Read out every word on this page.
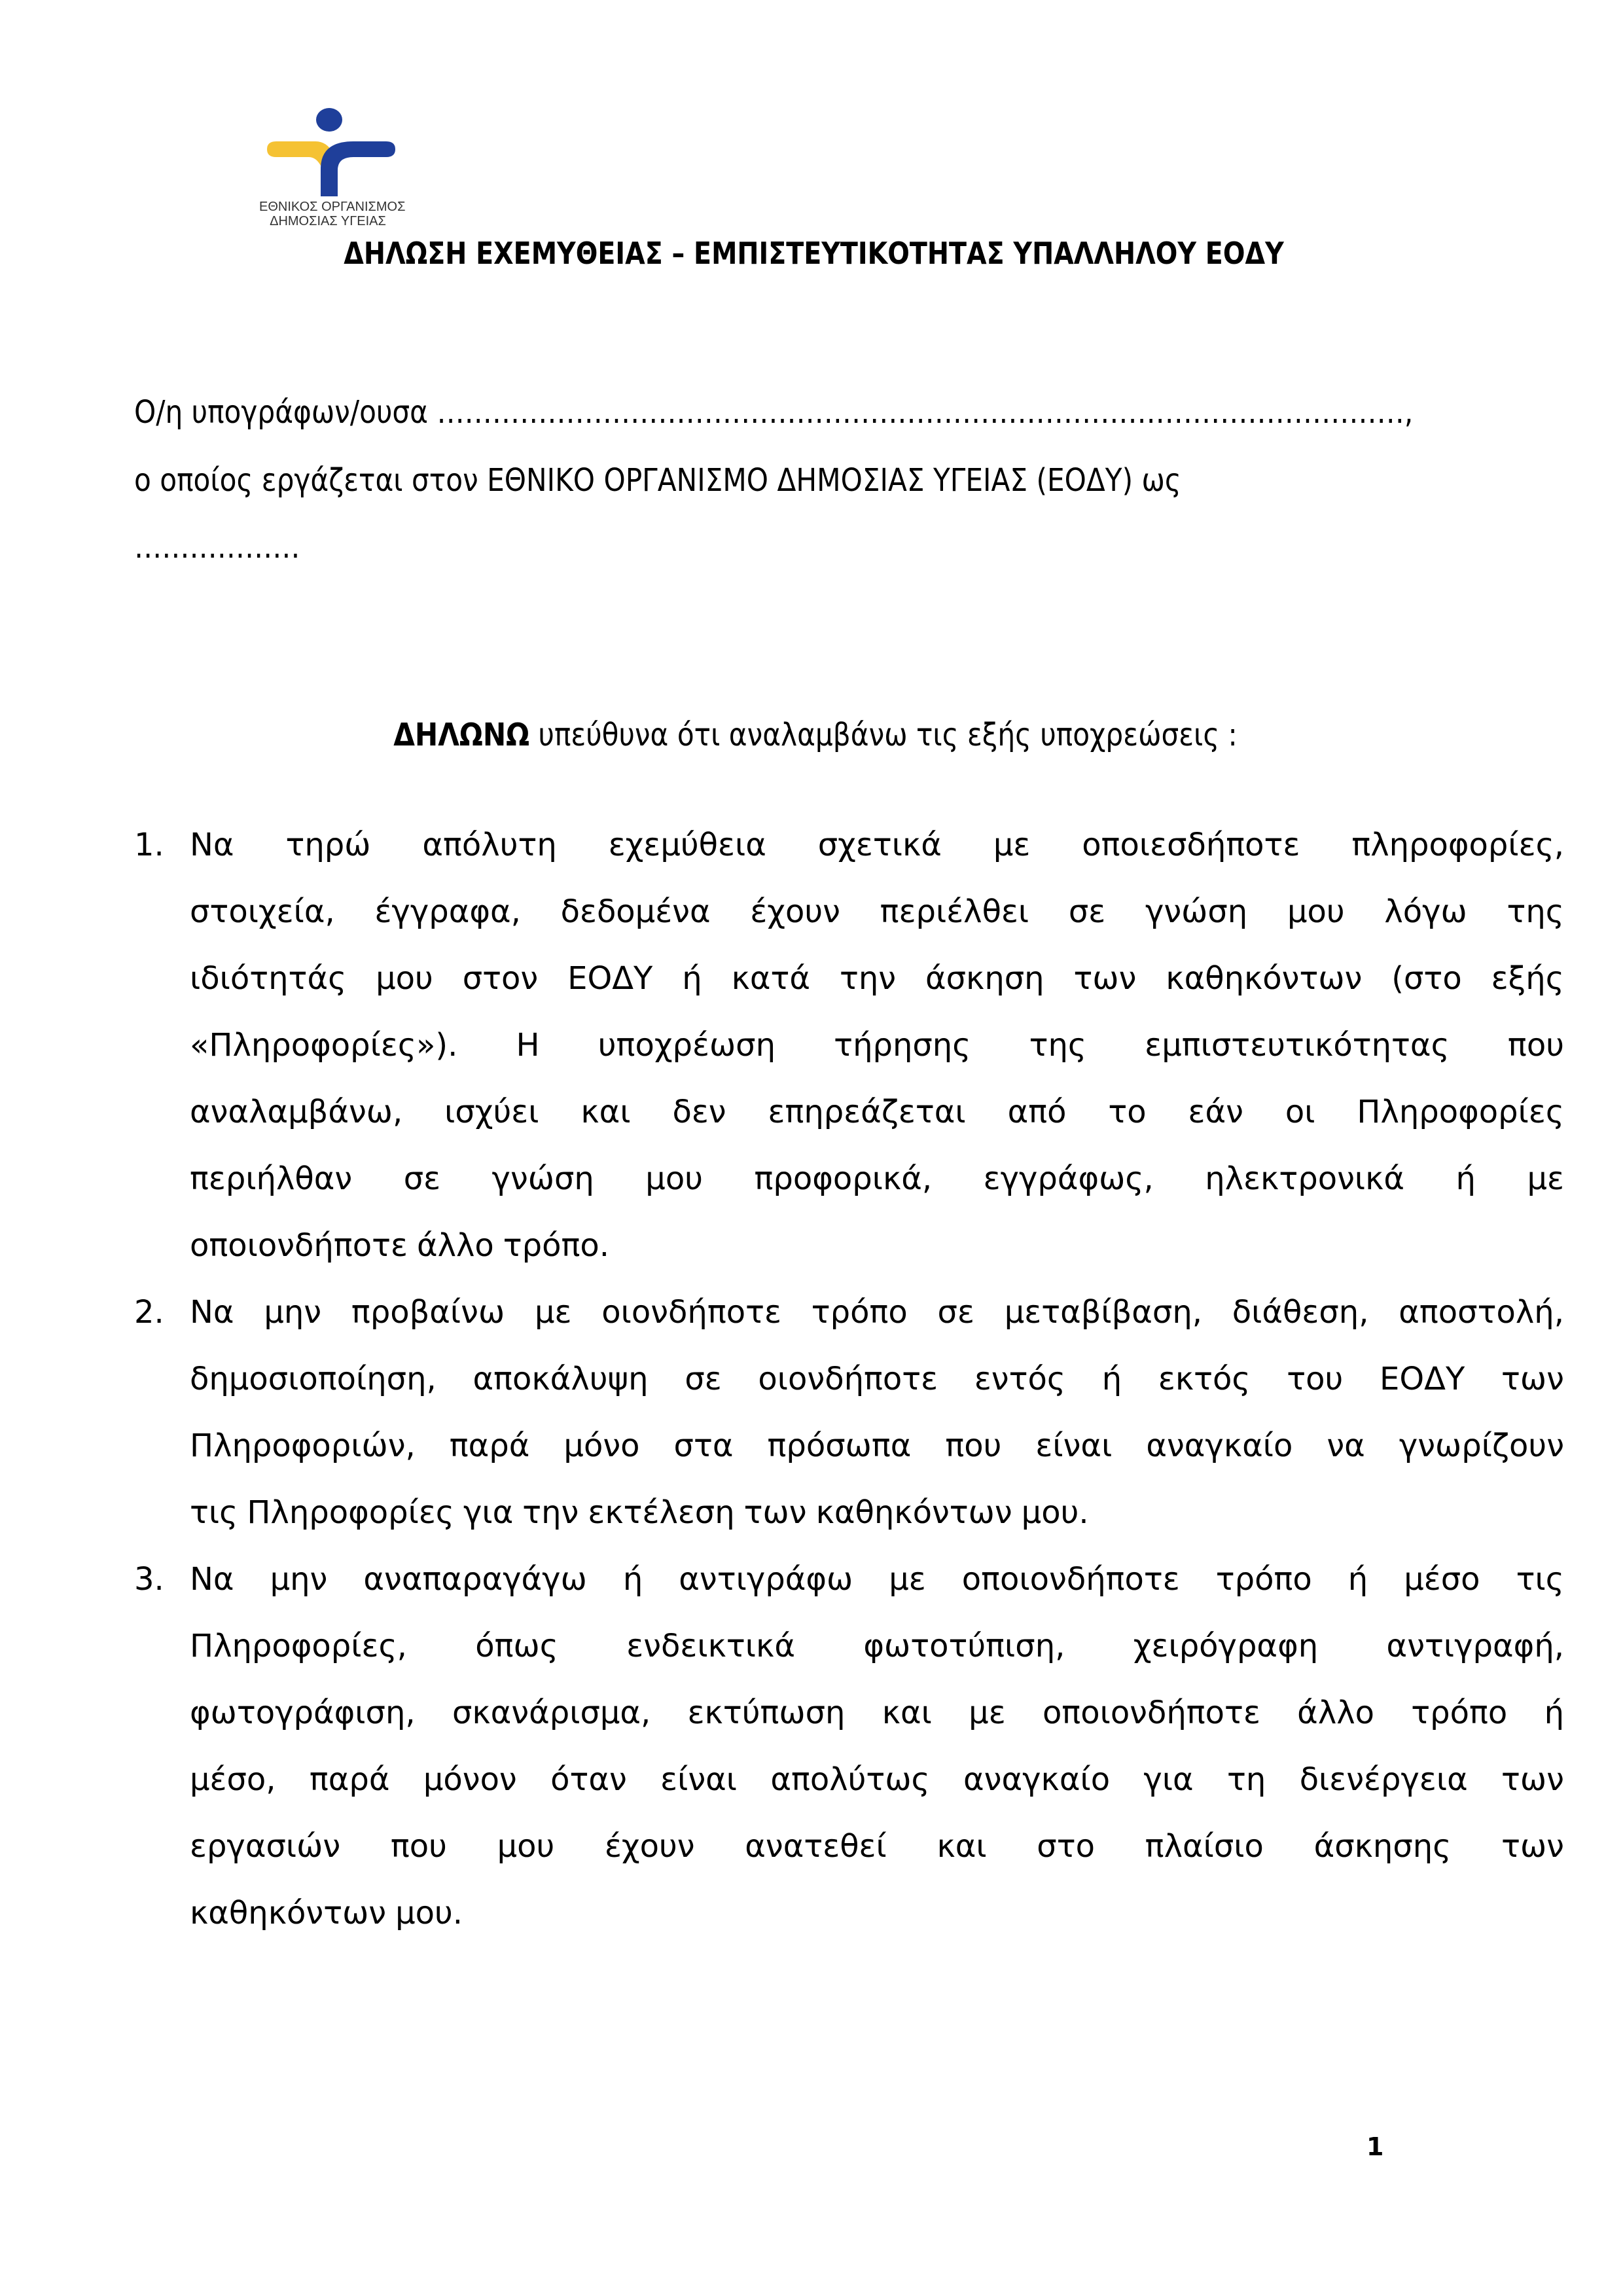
ΕΘΝΙΚΟΣ ΟΡΓΑΝΙΣΜΟΣ
ΔΗΜΟΣΙΑΣ ΥΓΕΙΑΣ
ΔΗΛΩΣΗ ΕΧΕΜΥΘΕΙΑΣ – ΕΜΠΙΣΤΕΥΤΙΚΟΤΗΤΑΣ ΥΠΑΛΛΗΛΟΥ ΕΟΔΥ
Ο/η υπογράφων/ουσα ……………………………………………………………………………………………,
ο οποίος εργάζεται στον ΕΘΝΙΚΟ ΟΡΓΑΝΙΣΜΟ ΔΗΜΟΣΙΑΣ ΥΓΕΙΑΣ (ΕΟΔΥ) ως
………………
ΔΗΛΩΝΩ υπεύθυνα ότι αναλαμβάνω τις εξής υποχρεώσεις :
1. Να τηρώ απόλυτη εχεμύθεια σχετικά με οποιεσδήποτε πληροφορίες,
στοιχεία, έγγραφα, δεδομένα έχουν περιέλθει σε γνώση μου λόγω της
ιδιότητάς μου στον ΕΟΔΥ ή κατά την άσκηση των καθηκόντων (στο εξής
«Πληροφορίες»). Η υποχρέωση τήρησης της εμπιστευτικότητας που
αναλαμβάνω, ισχύει και δεν επηρεάζεται από το εάν οι Πληροφορίες
περιήλθαν σε γνώση μου προφορικά, εγγράφως, ηλεκτρονικά ή με
οποιονδήποτε άλλο τρόπο.
2. Να μην προβαίνω με οιονδήποτε τρόπο σε μεταβίβαση, διάθεση, αποστολή,
δημοσιοποίηση, αποκάλυψη σε οιονδήποτε εντός ή εκτός του ΕΟΔΥ των
Πληροφοριών, παρά μόνο στα πρόσωπα που είναι αναγκαίο να γνωρίζουν
τις Πληροφορίες για την εκτέλεση των καθηκόντων μου.
3. Να μην αναπαραγάγω ή αντιγράφω με οποιονδήποτε τρόπο ή μέσο τις
Πληροφορίες, όπως ενδεικτικά φωτοτύπιση, χειρόγραφη αντιγραφή,
φωτογράφιση, σκανάρισμα, εκτύπωση και με οποιονδήποτε άλλο τρόπο ή
μέσο, παρά μόνον όταν είναι απολύτως αναγκαίο για τη διενέργεια των
εργασιών που μου έχουν ανατεθεί και στο πλαίσιο άσκησης των
καθηκόντων μου.
1
